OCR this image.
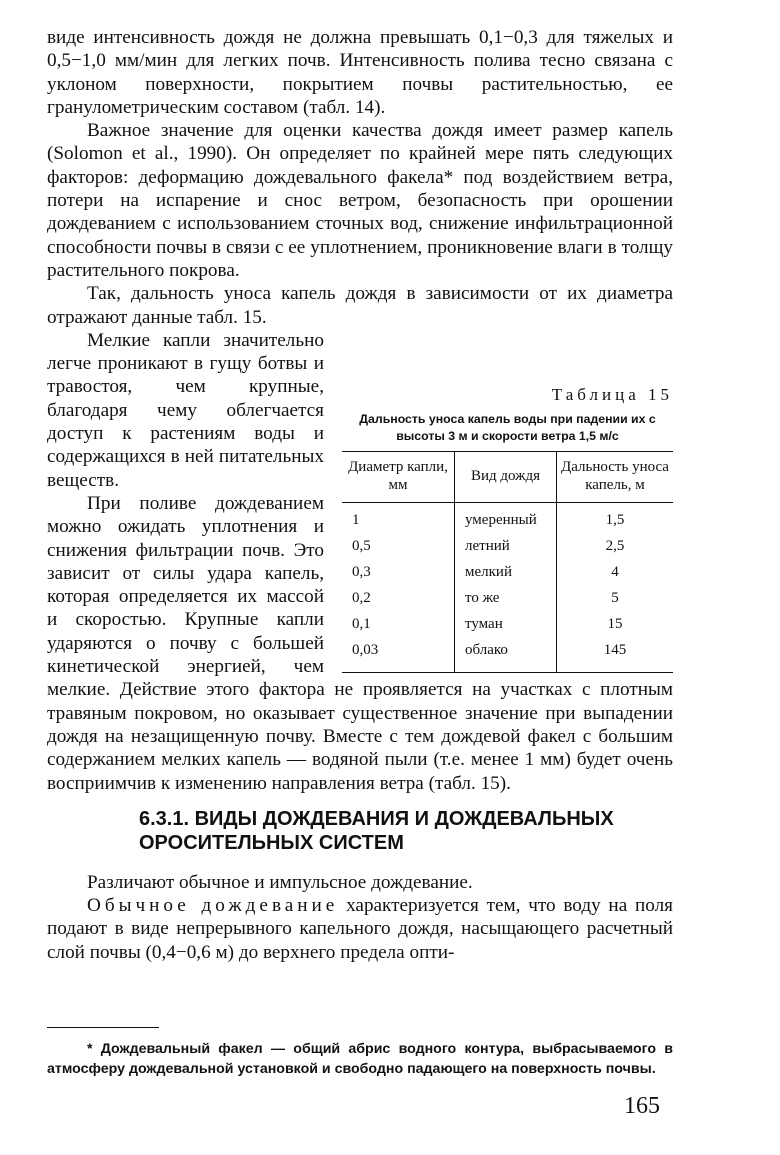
виде интенсивность дождя не должна превышать 0,1−0,3 для тяжелых и 0,5−1,0 мм/мин для легких почв. Интенсивность полива тесно связана с уклоном поверхности, покрытием почвы растительностью, ее гранулометрическим составом (табл. 14).

Важное значение для оценки качества дождя имеет размер капель (Solomon et al., 1990). Он определяет по крайней мере пять следующих факторов: деформацию дождевального факела* под воздействием ветра, потери на испарение и снос ветром, безопасность при орошении дождеванием с использованием сточных вод, снижение инфильтрационной способности почвы в связи с ее уплотнением, проникновение влаги в толщу растительного покрова.

Так, дальность уноса капель дождя в зависимости от их диаметра отражают данные табл. 15.

Таблица 15
Дальность уноса капель воды при падении их с высоты 3 м и скорости ветра 1,5 м/с
Диаметр капли, мм	Вид дождя	Дальность уноса капель, м
1	умеренный	1,5
0,5	летний	2,5
0,3	мелкий	4
0,2	то же	5
0,1	туман	15
0,03	облако	145

Мелкие капли значительно легче проникают в гущу ботвы и травостоя, чем крупные, благодаря чему облегчается доступ к растениям воды и содержащихся в ней питательных веществ.

При поливе дождеванием можно ожидать уплотнения и снижения фильтрации почв. Это зависит от силы удара капель, которая определяется их массой и скоростью. Крупные капли ударяются о почву с большей кинетической энергией, чем мелкие. Действие этого фактора не проявляется на участках с плотным травяным покровом, но оказывает существенное значение при выпадении дождя на незащищенную почву. Вместе с тем дождевой факел с большим содержанием мелких капель — водяной пыли (т.е. менее 1 мм) будет очень восприимчив к изменению направления ветра (табл. 15).

6.3.1. ВИДЫ ДОЖДЕВАНИЯ И ДОЖДЕВАЛЬНЫХ ОРОСИТЕЛЬНЫХ СИСТЕМ

Различают обычное и импульсное дождевание.

Обычное дождевание характеризуется тем, что воду на поля подают в виде непрерывного капельного дождя, насыщающего расчетный слой почвы (0,4−0,6 м) до верхнего предела опти-

* Дождевальный факел — общий абрис водного контура, выбрасываемого в атмосферу дождевальной установкой и свободно падающего на поверхность почвы.
165
